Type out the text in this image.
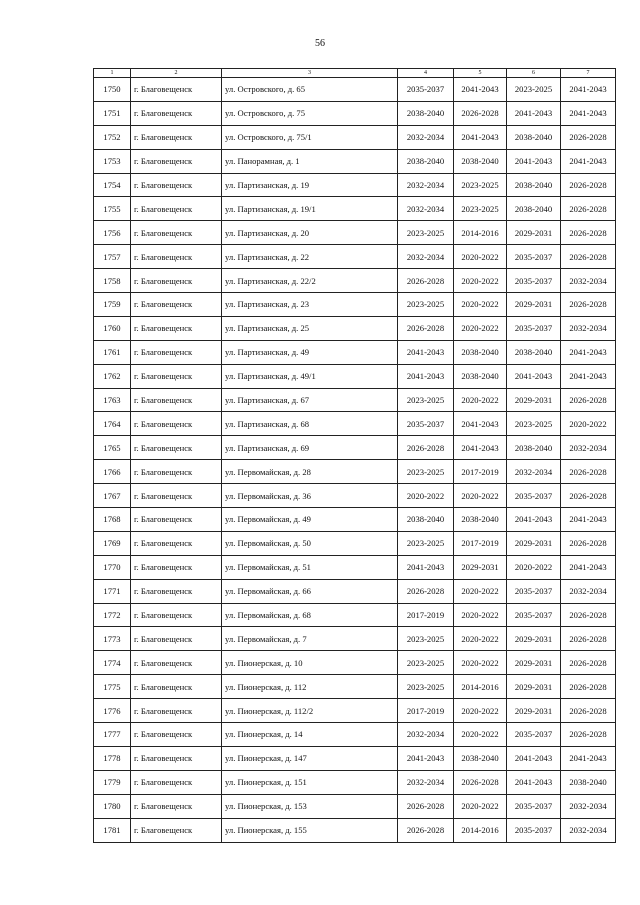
56
1	2	3	4	5	6	7
1750	г. Благовещенск	ул. Островского, д. 65	2035-2037	2041-2043	2023-2025	2041-2043
1751	г. Благовещенск	ул. Островского, д. 75	2038-2040	2026-2028	2041-2043	2041-2043
1752	г. Благовещенск	ул. Островского, д. 75/1	2032-2034	2041-2043	2038-2040	2026-2028
1753	г. Благовещенск	ул. Панорамная, д. 1	2038-2040	2038-2040	2041-2043	2041-2043
1754	г. Благовещенск	ул. Партизанская, д. 19	2032-2034	2023-2025	2038-2040	2026-2028
1755	г. Благовещенск	ул. Партизанская, д. 19/1	2032-2034	2023-2025	2038-2040	2026-2028
1756	г. Благовещенск	ул. Партизанская, д. 20	2023-2025	2014-2016	2029-2031	2026-2028
1757	г. Благовещенск	ул. Партизанская, д. 22	2032-2034	2020-2022	2035-2037	2026-2028
1758	г. Благовещенск	ул. Партизанская, д. 22/2	2026-2028	2020-2022	2035-2037	2032-2034
1759	г. Благовещенск	ул. Партизанская, д. 23	2023-2025	2020-2022	2029-2031	2026-2028
1760	г. Благовещенск	ул. Партизанская, д. 25	2026-2028	2020-2022	2035-2037	2032-2034
1761	г. Благовещенск	ул. Партизанская, д. 49	2041-2043	2038-2040	2038-2040	2041-2043
1762	г. Благовещенск	ул. Партизанская, д. 49/1	2041-2043	2038-2040	2041-2043	2041-2043
1763	г. Благовещенск	ул. Партизанская, д. 67	2023-2025	2020-2022	2029-2031	2026-2028
1764	г. Благовещенск	ул. Партизанская, д. 68	2035-2037	2041-2043	2023-2025	2020-2022
1765	г. Благовещенск	ул. Партизанская, д. 69	2026-2028	2041-2043	2038-2040	2032-2034
1766	г. Благовещенск	ул. Первомайская, д. 28	2023-2025	2017-2019	2032-2034	2026-2028
1767	г. Благовещенск	ул. Первомайская, д. 36	2020-2022	2020-2022	2035-2037	2026-2028
1768	г. Благовещенск	ул. Первомайская, д. 49	2038-2040	2038-2040	2041-2043	2041-2043
1769	г. Благовещенск	ул. Первомайская, д. 50	2023-2025	2017-2019	2029-2031	2026-2028
1770	г. Благовещенск	ул. Первомайская, д. 51	2041-2043	2029-2031	2020-2022	2041-2043
1771	г. Благовещенск	ул. Первомайская, д. 66	2026-2028	2020-2022	2035-2037	2032-2034
1772	г. Благовещенск	ул. Первомайская, д. 68	2017-2019	2020-2022	2035-2037	2026-2028
1773	г. Благовещенск	ул. Первомайская, д. 7	2023-2025	2020-2022	2029-2031	2026-2028
1774	г. Благовещенск	ул. Пионерская, д. 10	2023-2025	2020-2022	2029-2031	2026-2028
1775	г. Благовещенск	ул. Пионерская, д. 112	2023-2025	2014-2016	2029-2031	2026-2028
1776	г. Благовещенск	ул. Пионерская, д. 112/2	2017-2019	2020-2022	2029-2031	2026-2028
1777	г. Благовещенск	ул. Пионерская, д. 14	2032-2034	2020-2022	2035-2037	2026-2028
1778	г. Благовещенск	ул. Пионерская, д. 147	2041-2043	2038-2040	2041-2043	2041-2043
1779	г. Благовещенск	ул. Пионерская, д. 151	2032-2034	2026-2028	2041-2043	2038-2040
1780	г. Благовещенск	ул. Пионерская, д. 153	2026-2028	2020-2022	2035-2037	2032-2034
1781	г. Благовещенск	ул. Пионерская, д. 155	2026-2028	2014-2016	2035-2037	2032-2034
